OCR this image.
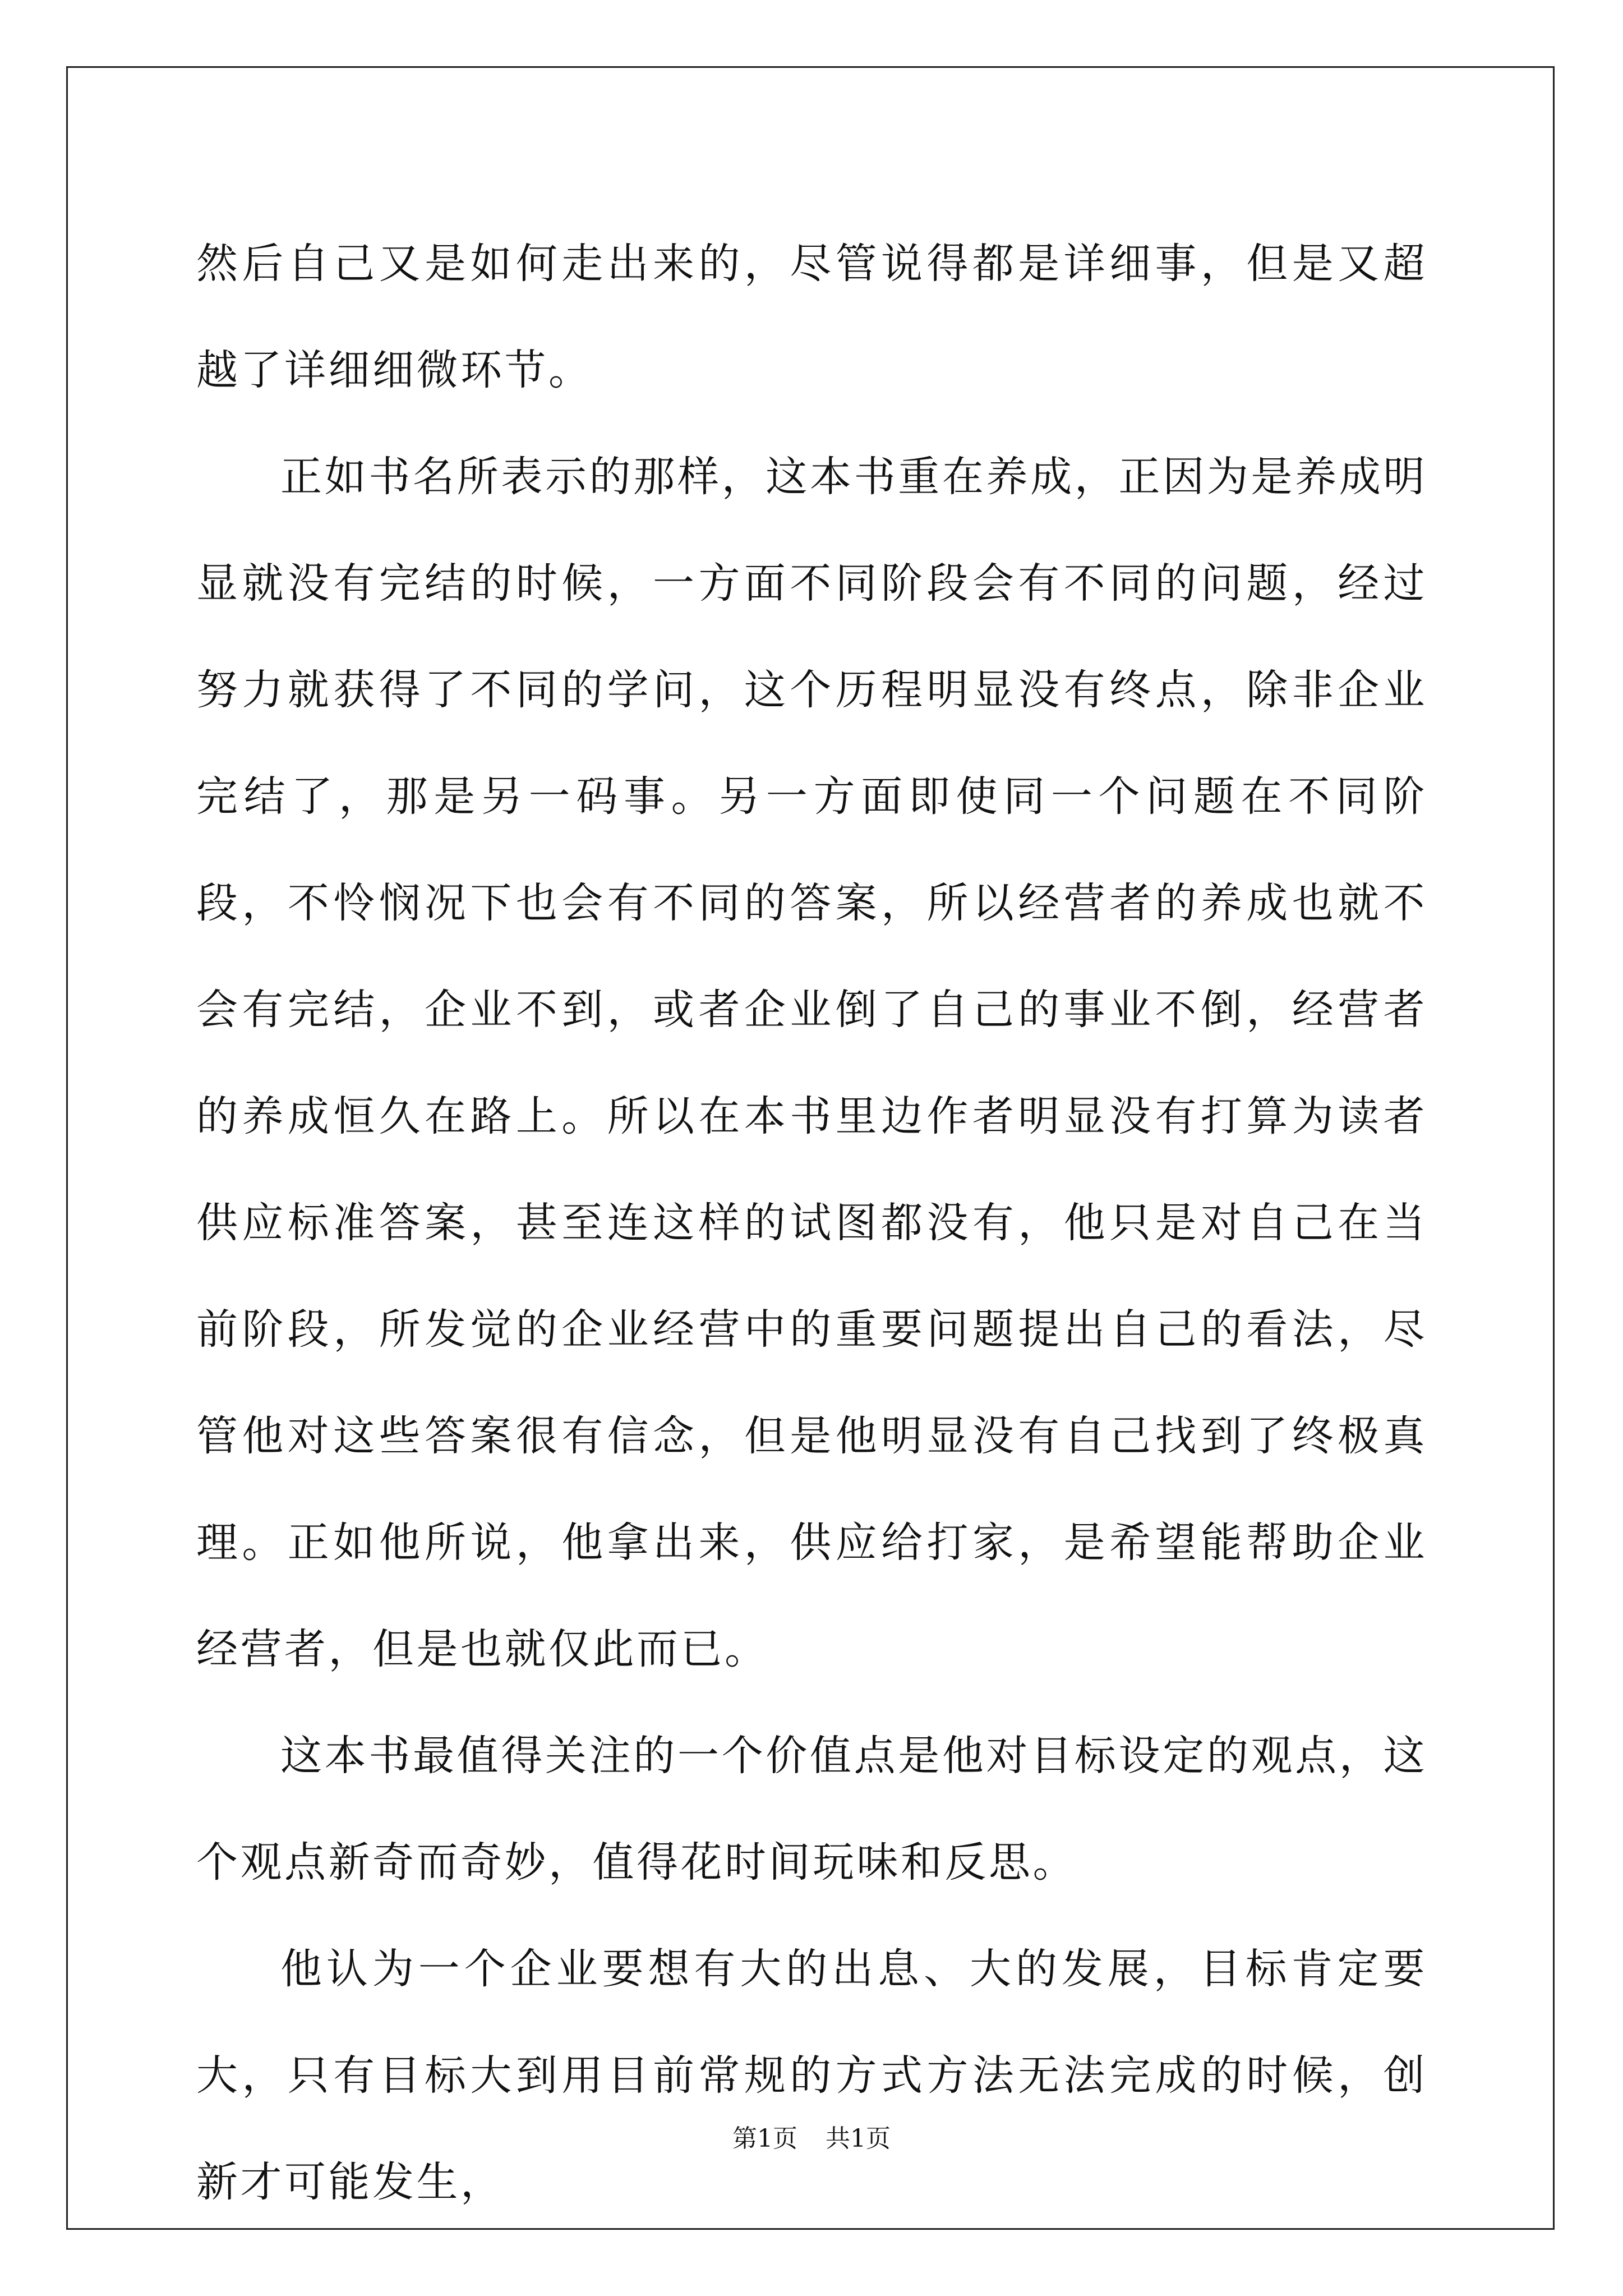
然后自己又是如何走出来的，尽管说得都是详细事，但是又超越了详细细微环节。

正如书名所表示的那样，这本书重在养成，正因为是养成明显就没有完结的时候，一方面不同阶段会有不同的问题，经过努力就获得了不同的学问，这个历程明显没有终点，除非企业完结了，那是另一码事。另一方面即使同一个问题在不同阶段，不怜悯况下也会有不同的答案，所以经营者的养成也就不会有完结，企业不到，或者企业倒了自己的事业不倒，经营者的养成恒久在路上。所以在本书里边作者明显没有打算为读者供应标准答案，甚至连这样的试图都没有，他只是对自己在当前阶段，所发觉的企业经营中的重要问题提出自己的看法，尽管他对这些答案很有信念，但是他明显没有自己找到了终极真理。正如他所说，他拿出来，供应给打家，是希望能帮助企业经营者，但是也就仅此而已。

这本书最值得关注的一个价值点是他对目标设定的观点，这个观点新奇而奇妙，值得花时间玩味和反思。

他认为一个企业要想有大的出息、大的发展，目标肯定要大，只有目标大到用目前常规的方式方法无法完成的时候，创新才可能发生，

第1页 共1页
